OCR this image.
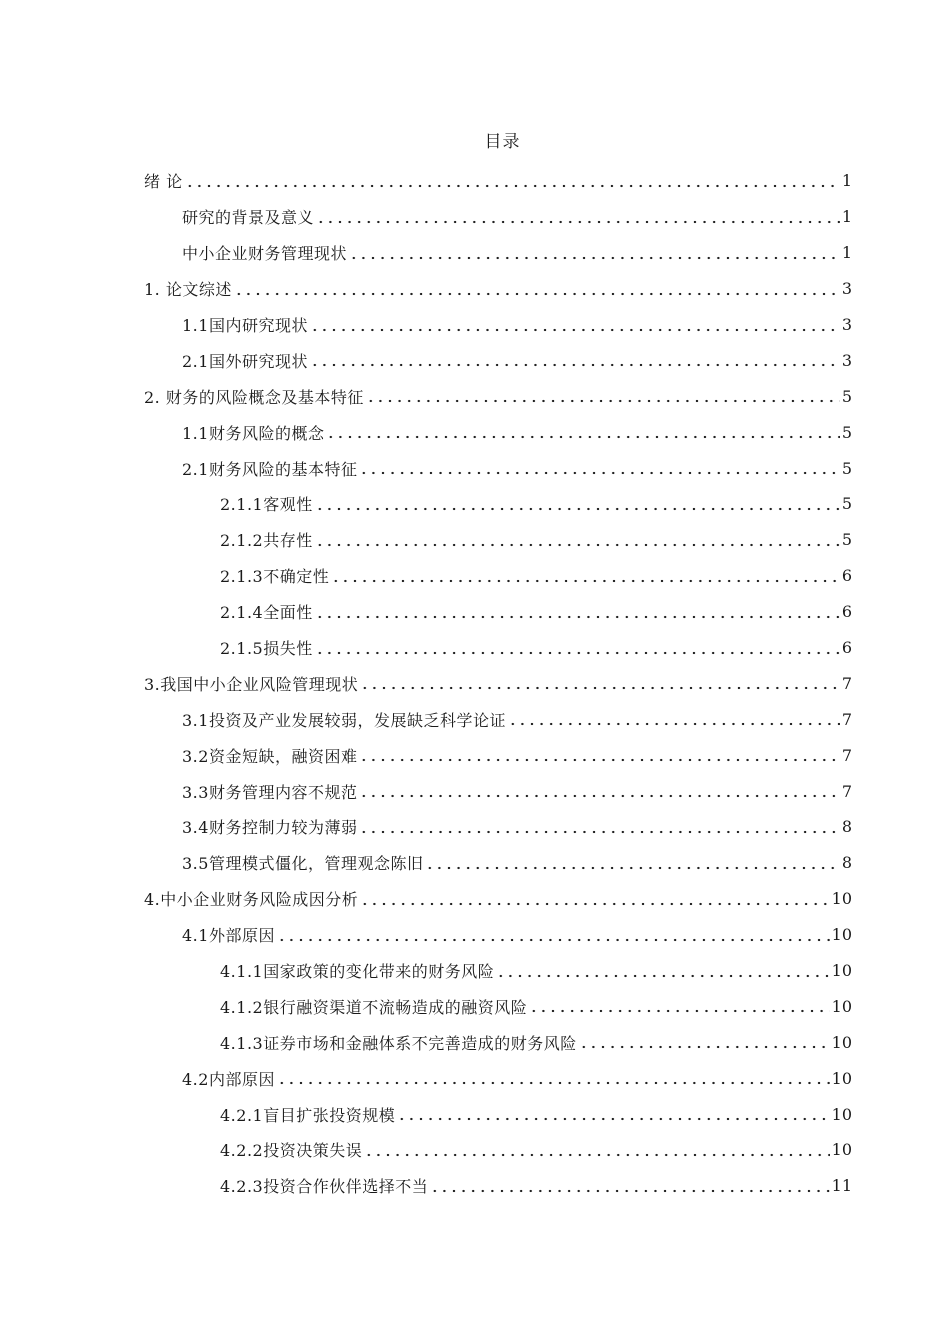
目录
绪 论	1
研究的背景及意义	1
中小企业财务管理现状	1
1. 论文综述	3
1.1国内研究现状	3
2.1国外研究现状	3
2. 财务的风险概念及基本特征	5
1.1财务风险的概念	5
2.1财务风险的基本特征	5
2.1.1客观性	5
2.1.2共存性	5
2.1.3不确定性	6
2.1.4全面性	6
2.1.5损失性	6
3.我国中小企业风险管理现状	7
3.1投资及产业发展较弱，发展缺乏科学论证	7
3.2资金短缺，融资困难	7
3.3财务管理内容不规范	7
3.4财务控制力较为薄弱	8
3.5管理模式僵化，管理观念陈旧	8
4.中小企业财务风险成因分析	10
4.1外部原因	10
4.1.1国家政策的变化带来的财务风险	10
4.1.2银行融资渠道不流畅造成的融资风险	10
4.1.3证券市场和金融体系不完善造成的财务风险	10
4.2内部原因	10
4.2.1盲目扩张投资规模	10
4.2.2投资决策失误	10
4.2.3投资合作伙伴选择不当	11
